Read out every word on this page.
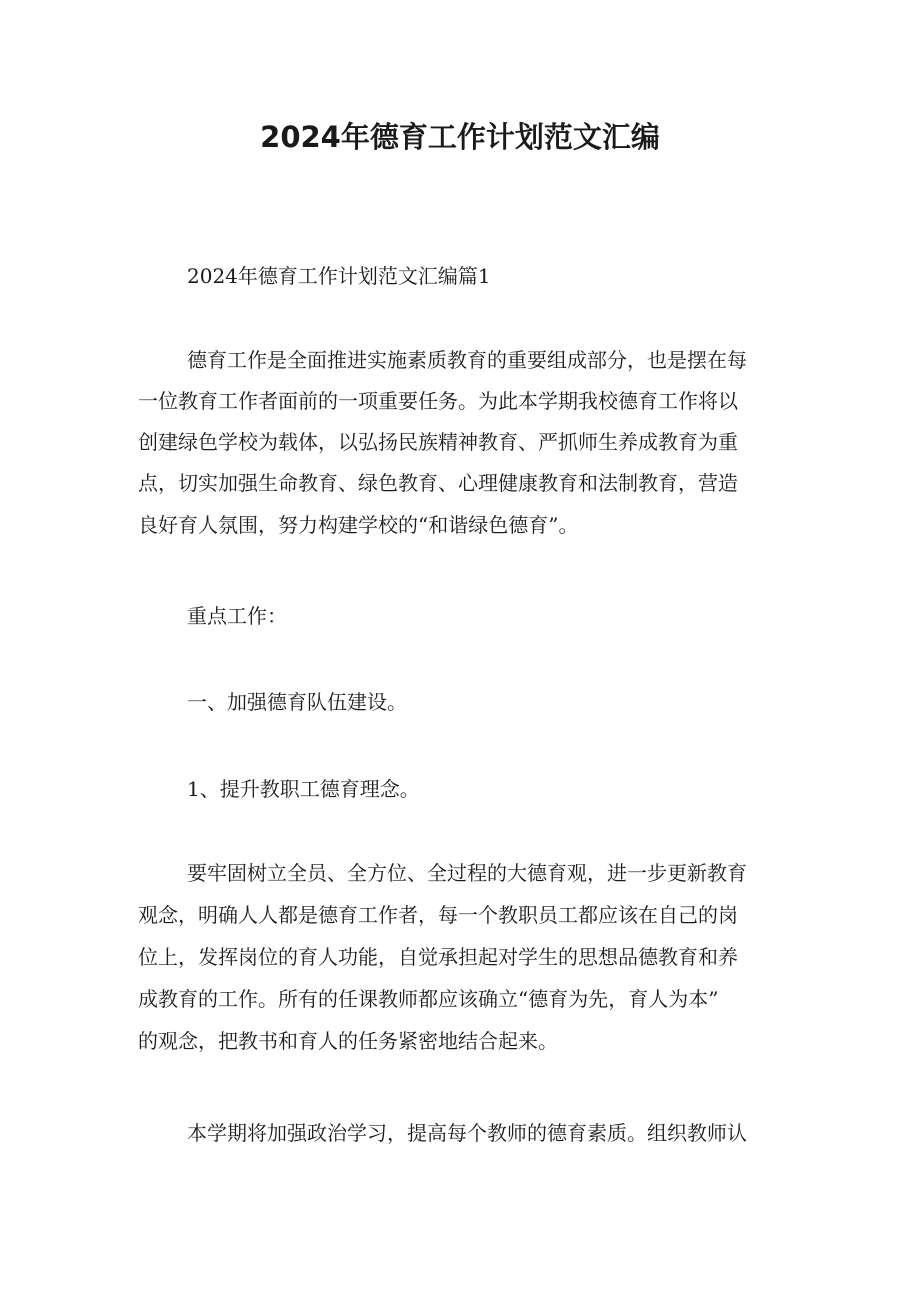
2024年德育工作计划范文汇编

2024年德育工作计划范文汇编篇1

德育工作是全面推进实施素质教育的重要组成部分，也是摆在每

一位教育工作者面前的一项重要任务。为此本学期我校德育工作将以

创建绿色学校为载体，以弘扬民族精神教育、严抓师生养成教育为重

点，切实加强生命教育、绿色教育、心理健康教育和法制教育，营造

良好育人氛围，努力构建学校的“和谐绿色德育”。

重点工作：

一、加强德育队伍建设。

1、提升教职工德育理念。

要牢固树立全员、全方位、全过程的大德育观，进一步更新教育

观念，明确人人都是德育工作者，每一个教职员工都应该在自己的岗

位上，发挥岗位的育人功能，自觉承担起对学生的思想品德教育和养

成教育的工作。所有的任课教师都应该确立“德育为先，育人为本”

的观念，把教书和育人的任务紧密地结合起来。

本学期将加强政治学习，提高每个教师的德育素质。组织教师认
